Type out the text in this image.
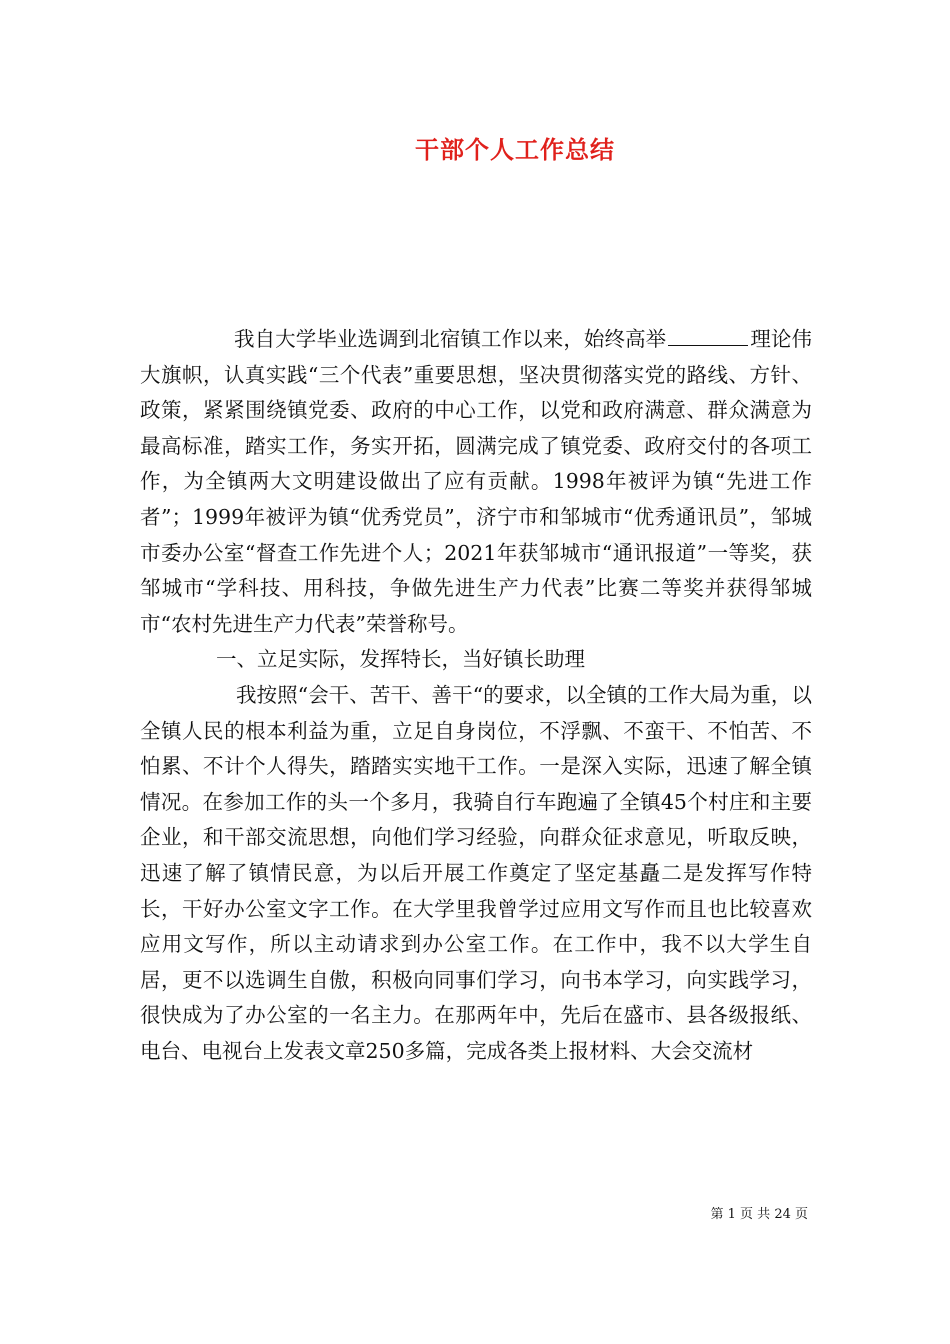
干部个人工作总结

我自大学毕业选调到北宿镇工作以来，始终高举	理论伟大旗帜，认真实践“三个代表”重要思想，坚决贯彻落实党的路线、方针、政策，紧紧围绕镇党委、政府的中心工作，以党和政府满意、群众满意为最高标准，踏实工作，务实开拓，圆满完成了镇党委、政府交付的各项工作，为全镇两大文明建设做出了应有贡献。1998年被评为镇“先进工作者”；1999年被评为镇“优秀党员”，济宁市和邹城市“优秀通讯员”，邹城市委办公室“督查工作先进个人；2021年获邹城市“通讯报道”一等奖，获邹城市“学科技、用科技，争做先进生产力代表”比赛二等奖并获得邹城市“农村先进生产力代表”荣誉称号。

一、立足实际，发挥特长，当好镇长助理

我按照“会干、苦干、善干“的要求，以全镇的工作大局为重，以全镇人民的根本利益为重，立足自身岗位，不浮飘、不蛮干、不怕苦、不怕累、不计个人得失，踏踏实实地干工作。一是深入实际，迅速了解全镇情况。在参加工作的头一个多月，我骑自行车跑遍了全镇45个村庄和主要企业，和干部交流思想，向他们学习经验，向群众征求意见，听取反映，迅速了解了镇情民意，为以后开展工作奠定了坚定基矗二是发挥写作特长，干好办公室文字工作。在大学里我曾学过应用文写作而且也比较喜欢应用文写作，所以主动请求到办公室工作。在工作中，我不以大学生自居，更不以选调生自傲，积极向同事们学习，向书本学习，向实践学习，很快成为了办公室的一名主力。在那两年中，先后在盛市、县各级报纸、电台、电视台上发表文章250多篇，完成各类上报材料、大会交流材

第 1 页 共 24 页
